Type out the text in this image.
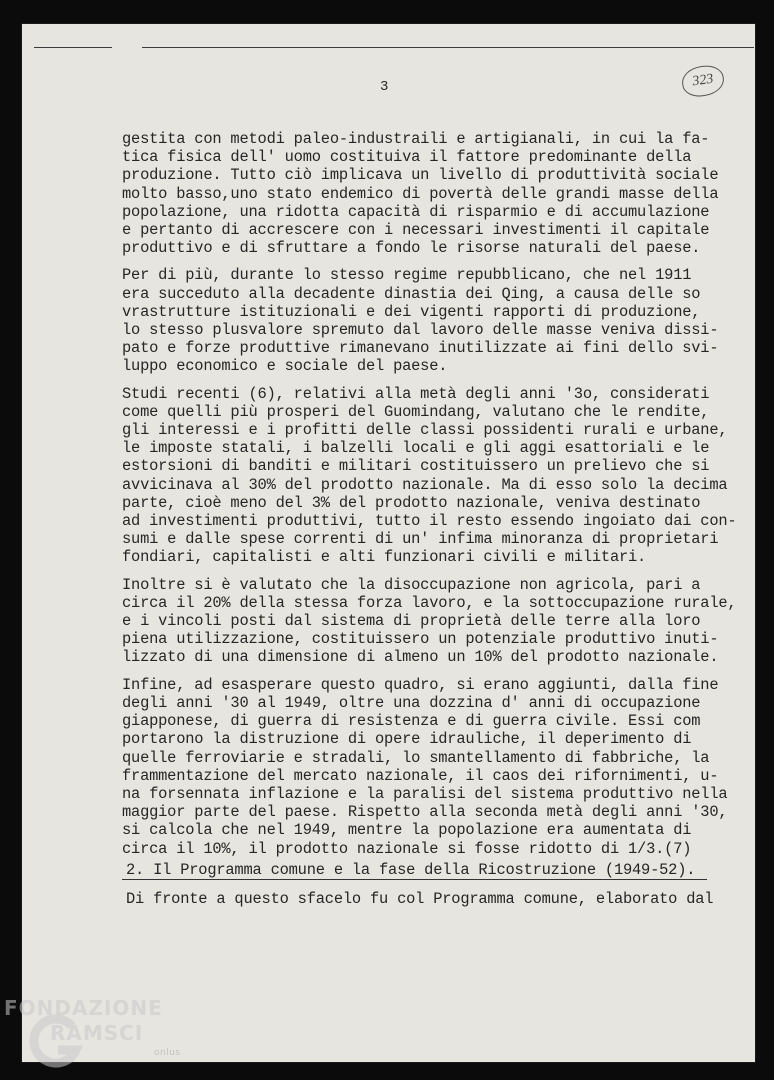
3	323
gestita con metodi paleo-industraili e artigianali, in cui la fa-
tica fisica dell' uomo costituiva il fattore predominante della
produzione. Tutto ciò implicava un livello di produttività sociale
molto basso,uno stato endemico di povertà delle grandi masse della
popolazione, una ridotta capacità di risparmio e di accumulazione
e pertanto di accrescere con i necessari investimenti il capitale
produttivo e di sfruttare a fondo le risorse naturali del paese.
Per di più, durante lo stesso regime repubblicano, che nel 1911
era succeduto alla decadente dinastia dei Qing, a causa delle so
vrastrutture istituzionali e dei vigenti rapporti di produzione,
lo stesso plusvalore spremuto dal lavoro delle masse veniva dissi-
pato e forze produttive rimanevano inutilizzate ai fini dello svi-
luppo economico e sociale del paese.
Studi recenti (6), relativi alla metà degli anni '3o, considerati
come quelli più prosperi del Guomindang, valutano che le rendite,
gli interessi e i profitti delle classi possidenti rurali e urbane,
le imposte statali, i balzelli locali e gli aggi esattoriali e le
estorsioni di banditi e militari costituissero un prelievo che si
avvicinava al 30% del prodotto nazionale. Ma di esso solo la decima
parte, cioè meno del 3% del prodotto nazionale, veniva destinato
ad investimenti produttivi, tutto il resto essendo ingoiato dai con-
sumi e dalle spese correnti di un' infima minoranza di proprietari
fondiari, capitalisti e alti funzionari civili e militari.
Inoltre si è valutato che la disoccupazione non agricola, pari a
circa il 20% della stessa forza lavoro, e la sottoccupazione rurale,
e i vincoli posti dal sistema di proprietà delle terre alla loro
piena utilizzazione, costituissero un potenziale produttivo inuti-
lizzato di una dimensione di almeno un 10% del prodotto nazionale.
Infine, ad esasperare questo quadro, si erano aggiunti, dalla fine
degli anni '30 al 1949, oltre una dozzina d' anni di occupazione
giapponese, di guerra di resistenza e di guerra civile. Essi com
portarono la distruzione di opere idrauliche, il deperimento di
quelle ferroviarie e stradali, lo smantellamento di fabbriche, la
frammentazione del mercato nazionale, il caos dei rifornimenti, u-
na forsennata inflazione e la paralisi del sistema produttivo nella
maggior parte del paese. Rispetto alla seconda metà degli anni '30,
si calcola che nel 1949, mentre la popolazione era aumentata di
circa il 10%, il prodotto nazionale si fosse ridotto di 1/3.(7)
2. Il Programma comune e la fase della Ricostruzione (1949-52).
Di fronte a questo sfacelo fu col Programma comune, elaborato dal
FONDAZIONE
RAMSCI
onlus
